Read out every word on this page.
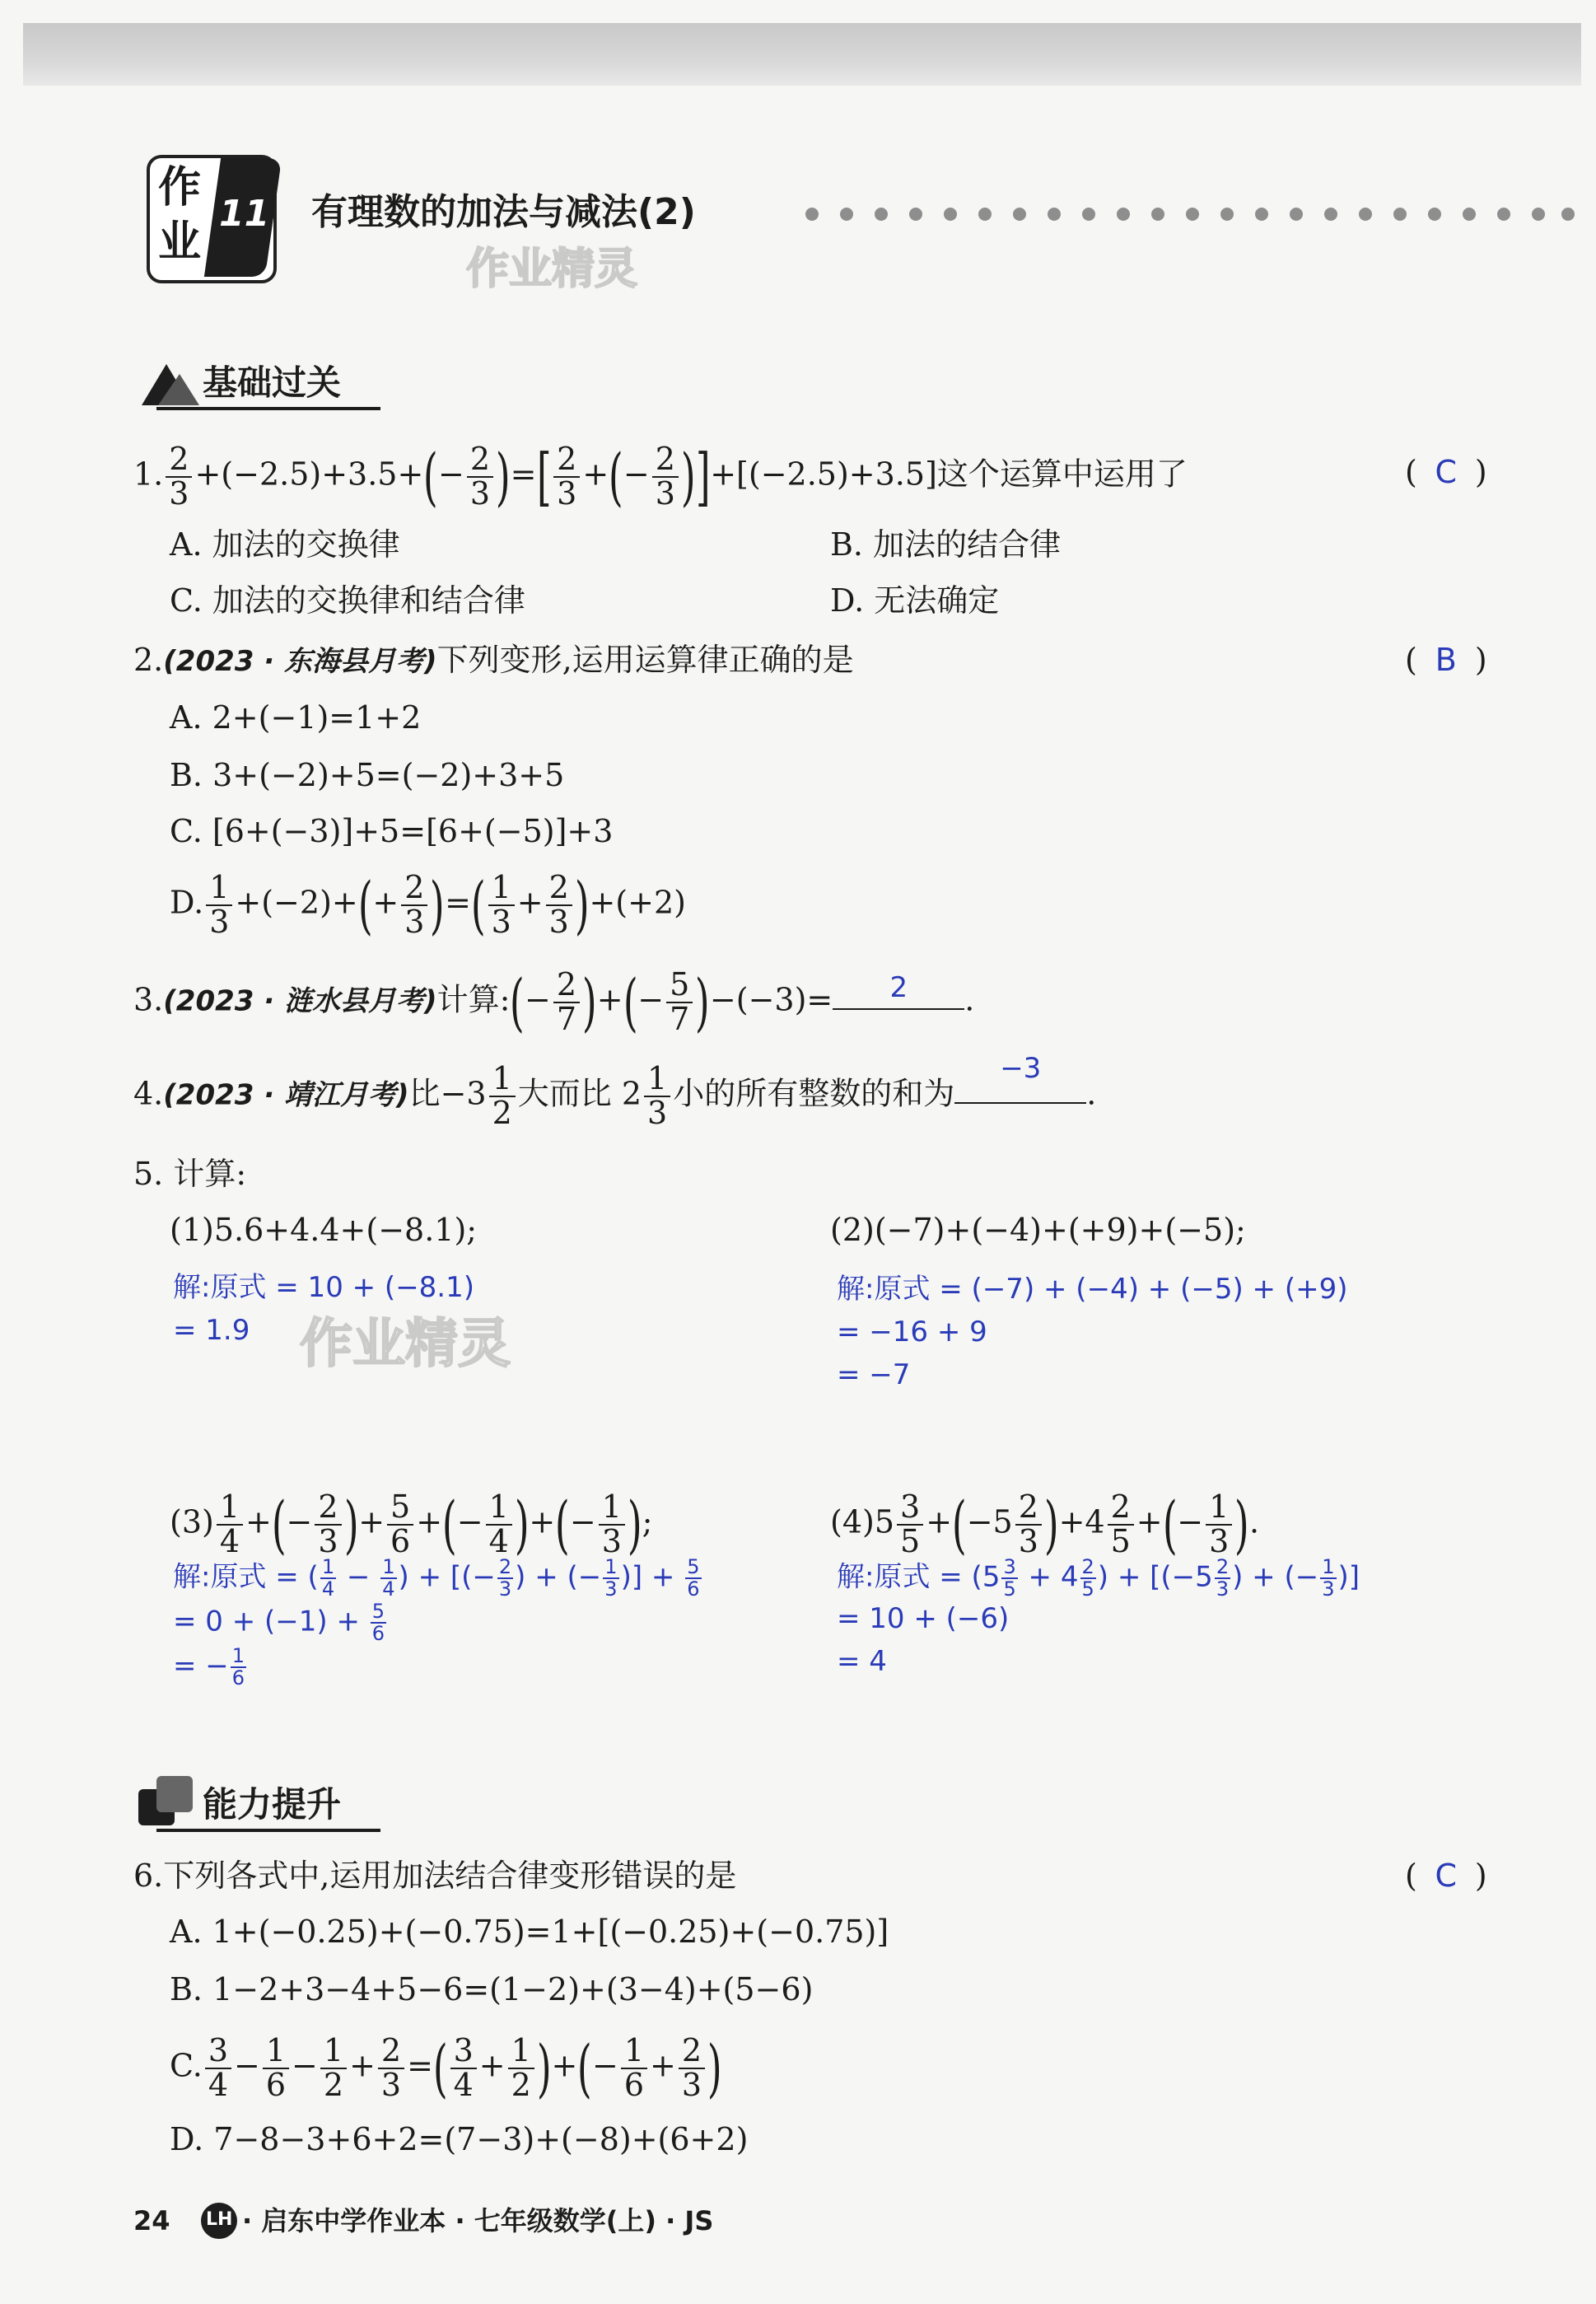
作
业
11 有理数的加法与减法(2)
作业精灵
基础过关
1. $\frac{2}{3} +(-2.5)+3.5+(- \frac{2}{3}$ )=[ $\frac{2}{3}$ +(− $\frac{2}{3} )]+[(-2.5)+3.5]$这个运算中运用了	( C )
A. 加法的交换律	B. 加法的结合律
C. 加法的交换律和结合律	D. 无法确定
2.(2023 · 东海县月考)下列变形,运用运算律正确的是	( B )
A. 2+(−1)=1+2
B. 3+(−2)+5=(−2)+3+5
C. [6+(−3)]+5=[6+(−5)]+3
D. $\frac{1}{3} +(-2)+(+ \frac{2}{3}$ )=( $\frac{1}{3} + \frac{2}{3} )+(+2)$
3.(2023 · 涟水县月考)计算:(− $\frac{2}{7}$ )+(− $\frac{5}{7} )-(-3)=$	2	.
4.(2023 · 靖江月考)比$-3 \frac{1}{2}$ 大而比 $2 \frac{1}{3}$ 小的所有整数的和为
−3
.
5. 计算:
(1)5.6+4.4+(−8.1);	(2)(−7)+(−4)+(+9)+(−5);
解:原式 = 10 + (−8.1)
= 1.9 作业精灵
解:原式 = (−7) + (−4) + (−5) + (+9)
= −16 + 9
= −7
$(3) \frac{1}{4}$ +(− $\frac{2}{3}$ )+ $\frac{5}{6}$ +(− $\frac{1}{4}$ )+(− $\frac{1}{3}$ );	$(4)5 \frac{3}{5} +(-5 \frac{2}{3} )+4 \frac{2}{5}$ +(− $\frac{1}{3}$ ).
解:原式 = ( $\frac{1}{4} - \frac{1}{4}$ ) + [(− $\frac{2}{3}$ ) + (− $\frac{1}{3}$ )] + $\frac{5}{6}$
= $0 + (-1) + \frac{5}{6}$
= − $\frac{1}{6}$
解:原式 = ($5 \frac{3}{5} + 4 \frac{2}{5}$ ) + [($-5 \frac{2}{3}$ ) + (− $\frac{1}{3}$ )]
= 10 + (−6)
= 4
能力提升
6.下列各式中,运用加法结合律变形错误的是	( C )
A. 1+(−0.25)+(−0.75)=1+[(−0.25)+(−0.75)]
B. 1−2+3−4+5−6=(1−2)+(3−4)+(5−6)
C. $\frac{3}{4} - \frac{1}{6} - \frac{1}{2} + \frac{2}{3}$ =( $\frac{3}{4} + \frac{1}{2}$ )+(− $\frac{1}{6} + \frac{2}{3}$ )
D. 7−8−3+6+2=(7−3)+(−8)+(6+2)
24 LH · 启东中学作业本 · 七年级数学(上) · JS
